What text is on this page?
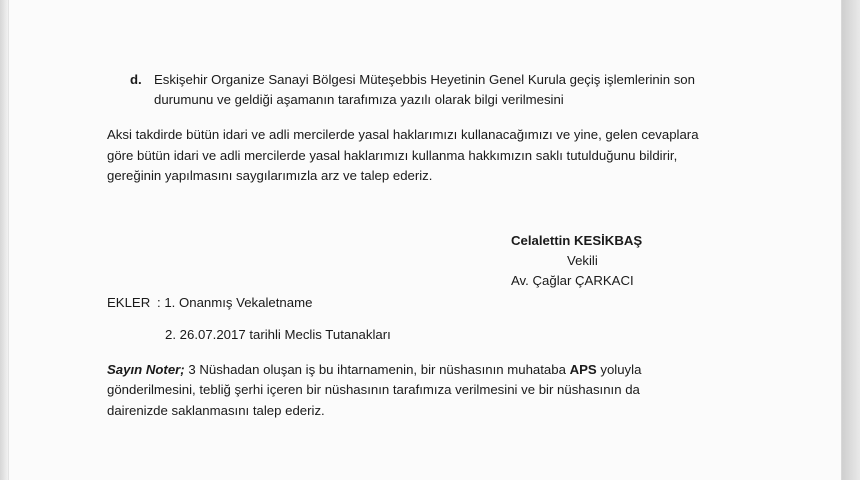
d. Eskişehir Organize Sanayi Bölgesi Müteşebbis Heyetinin Genel Kurula geçiş işlemlerinin son
durumunu ve geldiği aşamanın tarafımıza yazılı olarak bilgi verilmesini
Aksi takdirde bütün idari ve adli mercilerde yasal haklarımızı kullanacağımızı ve yine, gelen cevaplara
göre bütün idari ve adli mercilerde yasal haklarımızı kullanma hakkımızın saklı tutulduğunu bildirir,
gereğinin yapılmasını saygılarımızla arz ve talep ederiz.
Celalettin KESİKBAŞ
Vekili
Av. Çağlar ÇARKACI
EKLER : 1. Onanmış Vekaletname
2. 26.07.2017 tarihli Meclis Tutanakları
Sayın Noter; 3 Nüshadan oluşan iş bu ihtarnamenin, bir nüshasının muhataba APS yoluyla
gönderilmesini, tebliğ şerhi içeren bir nüshasının tarafımıza verilmesini ve bir nüshasının da
dairenizde saklanmasını talep ederiz.
